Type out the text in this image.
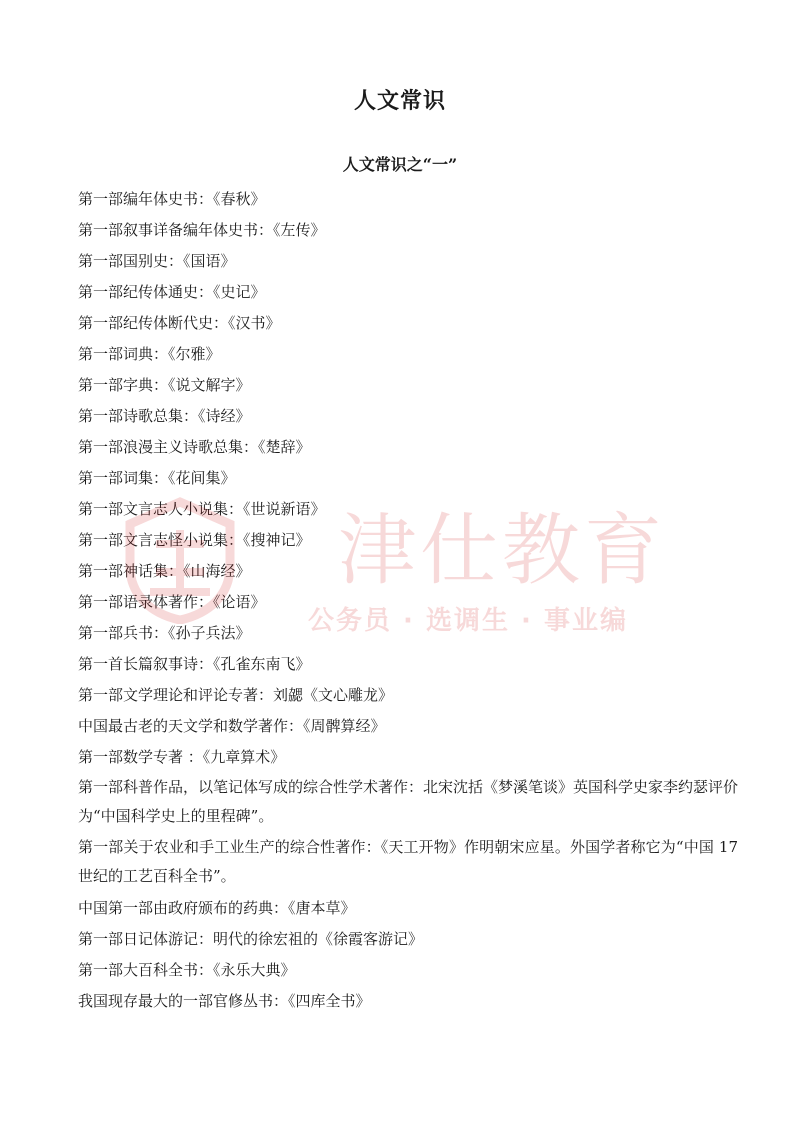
人文常识
人文常识之“一”
第一部编年体史书：《春秋》
第一部叙事详备编年体史书：《左传》
第一部国别史：《国语》
第一部纪传体通史：《史记》
第一部纪传体断代史：《汉书》
第一部词典：《尔雅》
第一部字典：《说文解字》
第一部诗歌总集：《诗经》
第一部浪漫主义诗歌总集：《楚辞》
第一部词集：《花间集》
第一部文言志人小说集：《世说新语》
第一部文言志怪小说集：《搜神记》
第一部神话集：《山海经》
第一部语录体著作：《论语》
第一部兵书：《孙子兵法》
第一首长篇叙事诗：《孔雀东南飞》
第一部文学理论和评论专著：刘勰《文心雕龙》
中国最古老的天文学和数学著作：《周髀算经》
第一部数学专著 ：《九章算术》
第一部科普作品，以笔记体写成的综合性学术著作：北宋沈括《梦溪笔谈》英国科学史家李约瑟评价为“中国科学史上的里程碑”。
第一部关于农业和手工业生产的综合性著作：《天工开物》作明朝宋应星。外国学者称它为“中国 17 世纪的工艺百科全书”。
中国第一部由政府颁布的药典：《唐本草》
第一部日记体游记：明代的徐宏祖的《徐霞客游记》
第一部大百科全书：《永乐大典》
我国现存最大的一部官修丛书：《四库全书》
津仕教育
公务员 · 选调生 · 事业编
